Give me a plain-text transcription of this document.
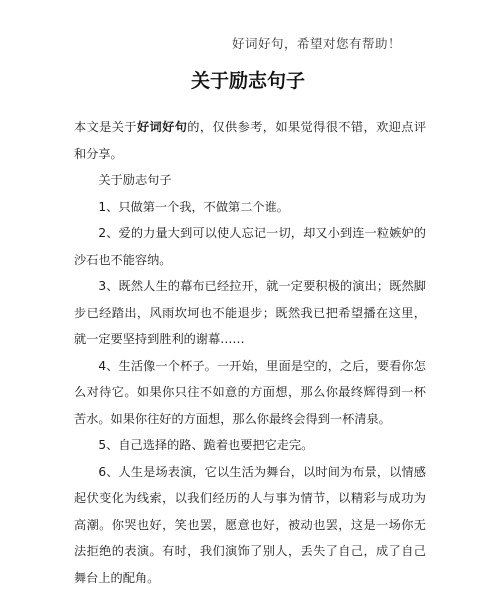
好词好句，希望对您有帮助！
关于励志句子

本文是关于好词好句的，仅供参考，如果觉得很不错，欢迎点评和分享。

关于励志句子

1、只做第一个我，不做第二个谁。

2、爱的力量大到可以使人忘记一切，却又小到连一粒嫉妒的沙石也不能容纳。

3、既然人生的幕布已经拉开，就一定要积极的演出；既然脚步已经踏出，风雨坎坷也不能退步；既然我已把希望播在这里，就一定要坚持到胜利的谢幕……

4、生活像一个杯子。一开始，里面是空的，之后，要看你怎么对待它。如果你只往不如意的方面想，那么你最终辉得到一杯苦水。如果你往好的方面想，那么你最终会得到一杯清泉。

5、自己选择的路、跪着也要把它走完。

6、人生是场表演，它以生活为舞台，以时间为布景，以情感起伏变化为线索，以我们经历的人与事为情节，以精彩与成功为高潮。你哭也好，笑也罢，愿意也好，被动也罢，这是一场你无法拒绝的表演。有时，我们演饰了别人，丢失了自己，成了自己舞台上的配角。
